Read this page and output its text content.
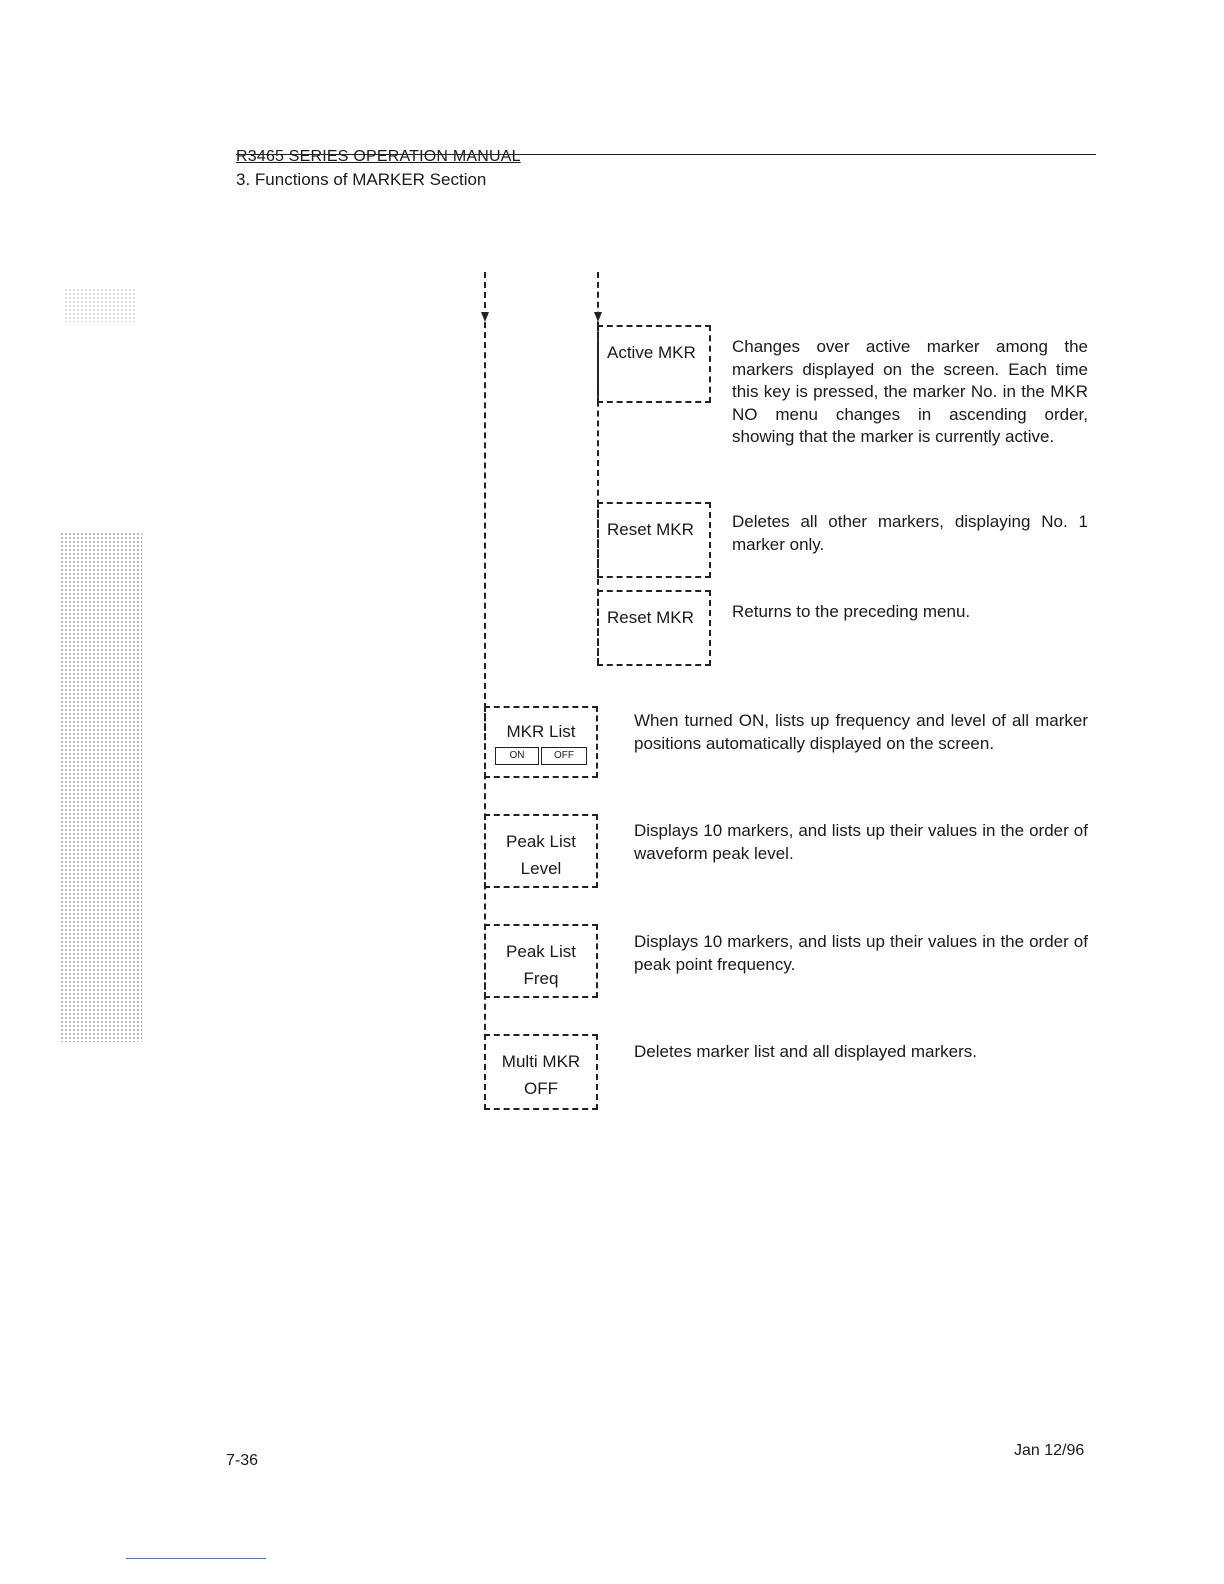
R3465 SERIES OPERATION MANUAL
3. Functions of MARKER Section
Active MKR Changes over active marker among the markers displayed on the screen. Each time this key is pressed, the marker No. in the MKR NO menu changes in ascending order, showing that the marker is currently active.
Reset MKR Deletes all other markers, displaying No. 1 marker only.
Reset MKR Returns to the preceding menu.
MKR List
ON	OFF
When turned ON, lists up frequency and level of all marker positions automatically displayed on the screen.
Peak List
Level
Displays 10 markers, and lists up their values in the order of waveform peak level.
Peak List
Freq
Displays 10 markers, and lists up their values in the order of peak point frequency.
Multi MKR
OFF
Deletes marker list and all displayed markers.
7-36
Jan 12/96
